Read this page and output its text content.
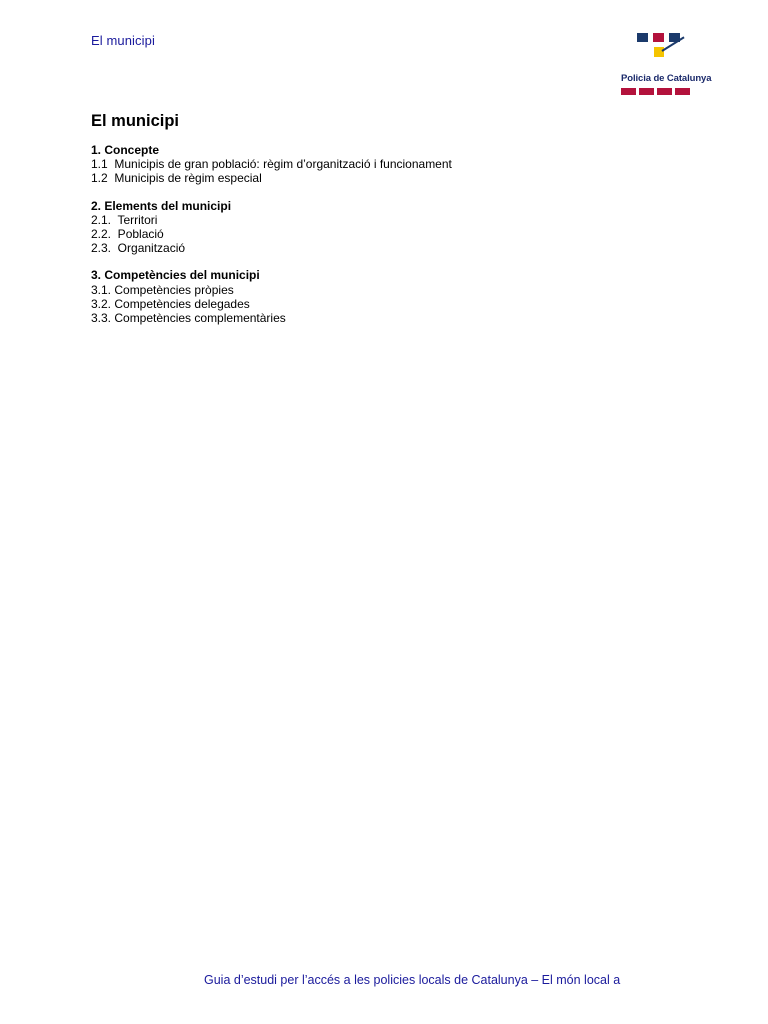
El municipi
Policia de Catalunya
El municipi
1. Concepte
1.1  Municipis de gran població: règim d’organització i funcionament
1.2  Municipis de règim especial
2. Elements del municipi
2.1.  Territori
2.2.  Població
2.3.  Organització
3. Competències del municipi
3.1. Competències pròpies
3.2. Competències delegades
3.3. Competències complementàries
Guia d’estudi per l’accés a les policies locals de Catalunya – El món local a
